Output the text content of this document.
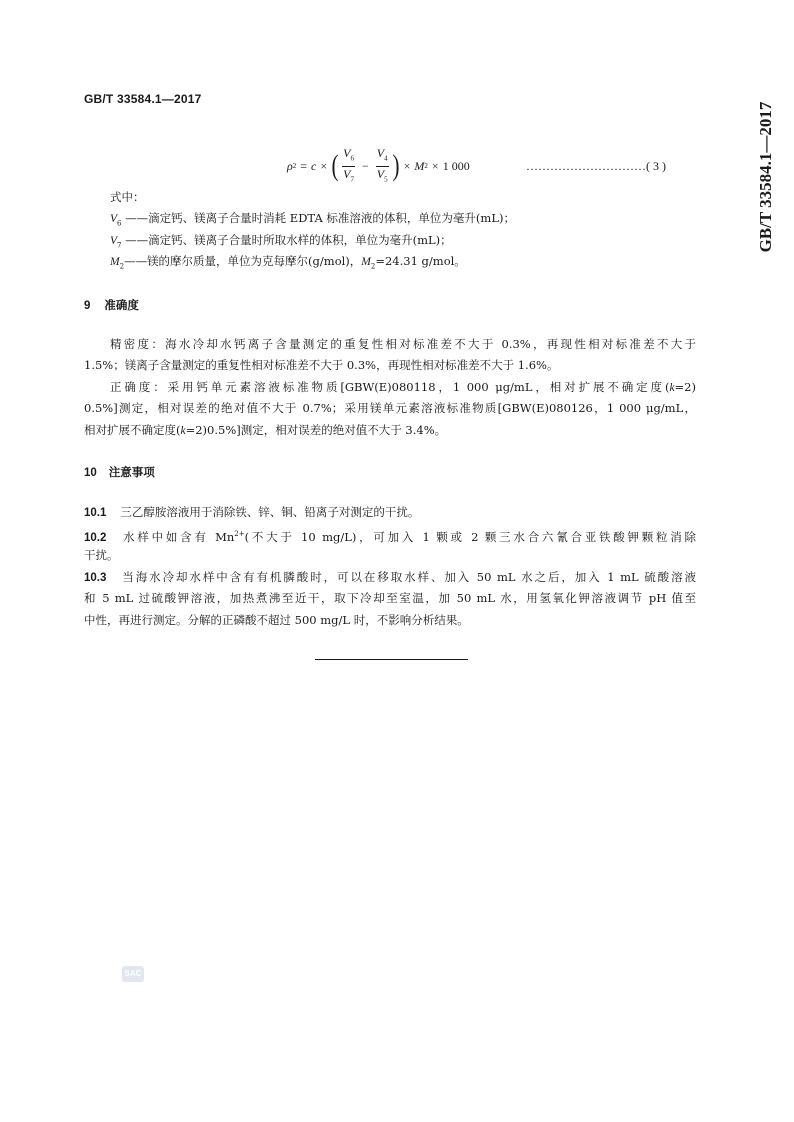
GB/T 33584.1—2017
GB/T 33584.1—2017
ρ 2 = c × ( $\frac{V_6}{V_7} - \frac{V_4}{V_5}$ ) × M 2 × 1 000	…………………………( 3 )
式中：
$V_6$ ——滴定钙、镁离子合量时消耗 EDTA 标准溶液的体积，单位为毫升(mL)；
$V_7$ ——滴定钙、镁离子合量时所取水样的体积，单位为毫升(mL)；
$M_2——$镁的摩尔质量，单位为克每摩尔(g/mol)，$M_2=24.31$ g/mol。
9 准确度
精密度：海水冷却水钙离子含量测定的重复性相对标准差不大于 0.3%，再现性相对标准差不大于
1.5%；镁离子含量测定的重复性相对标准差不大于 0.3%，再现性相对标准差不大于 1.6%。
正确度：采用钙单元素溶液标准物质[GBW(E)080118，1 000 μg/mL，相对扩展不确定度(k=2)
0.5%]测定，相对误差的绝对值不大于 0.7%；采用镁单元素溶液标准物质[GBW(E)080126，1 000 μg/mL，
相对扩展不确定度(k=2)0.5%]测定，相对误差的绝对值不大于 3.4%。
10 注意事项
10.1 三乙醇胺溶液用于消除铁、锌、铜、铅离子对测定的干扰。
10.2 水样中如含有 $Mn^{2+}$(不大于 10 mg/L)，可加入 1 颗或 2 颗三水合六氰合亚铁酸钾颗粒消除
干扰。
10.3 当海水冷却水样中含有有机膦酸时，可以在移取水样、加入 50 mL 水之后，加入 1 mL 硫酸溶液
和 5 mL 过硫酸钾溶液，加热煮沸至近干，取下冷却至室温，加 50 mL 水，用氢氧化钾溶液调节 pH 值至
中性，再进行测定。分解的正磷酸不超过 500 mg/L 时，不影响分析结果。
SAC
